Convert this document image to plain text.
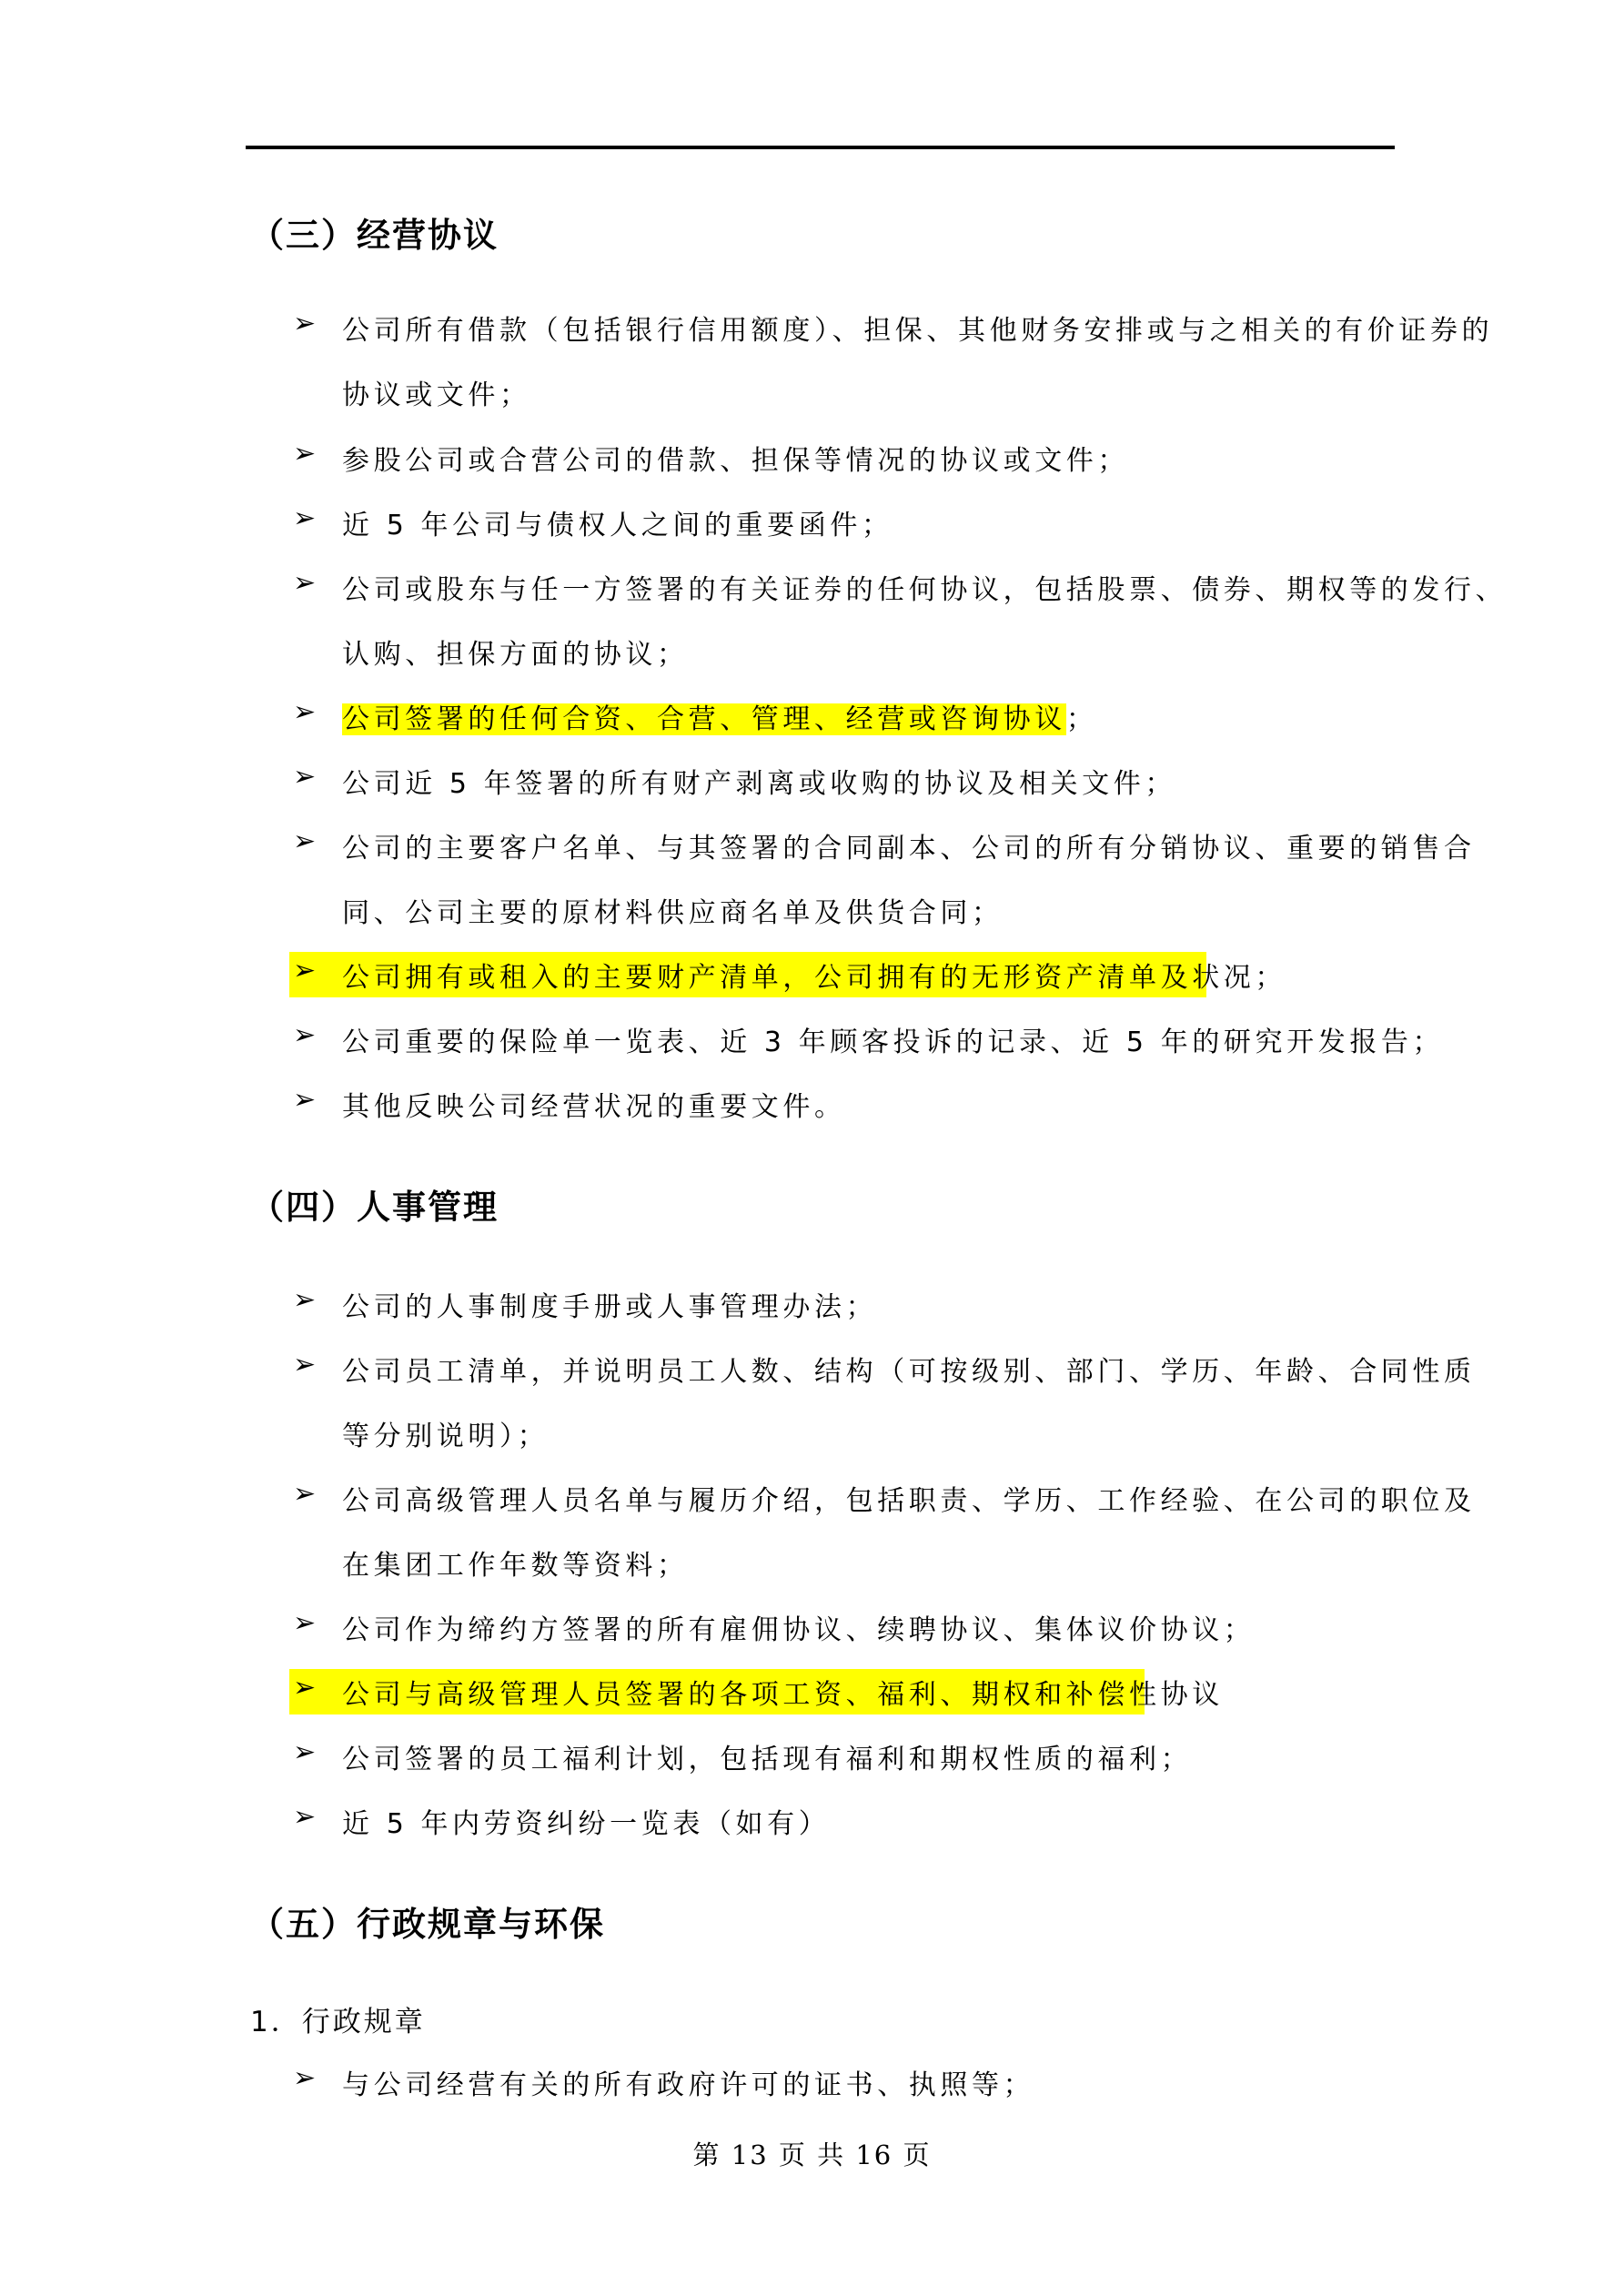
（三）经营协议
➢ 公司所有借款（包括银行信用额度）、担保、其他财务安排或与之相关的有价证券的
协议或文件；
➢ 参股公司或合营公司的借款、担保等情况的协议或文件；
➢ 近 5 年公司与债权人之间的重要函件；
➢ 公司或股东与任一方签署的有关证券的任何协议，包括股票、债券、期权等的发行、
认购、担保方面的协议；
➢ 公司签署的任何合资、合营、管理、经营或咨询协议；
➢ 公司近 5 年签署的所有财产剥离或收购的协议及相关文件；
➢ 公司的主要客户名单、与其签署的合同副本、公司的所有分销协议、重要的销售合
同、公司主要的原材料供应商名单及供货合同；
➢ 公司拥有或租入的主要财产清单，公司拥有的无形资产清单及状况；
➢ 公司重要的保险单一览表、近 3 年顾客投诉的记录、近 5 年的研究开发报告；
➢ 其他反映公司经营状况的重要文件。
（四）人事管理
➢ 公司的人事制度手册或人事管理办法；
➢ 公司员工清单，并说明员工人数、结构（可按级别、部门、学历、年龄、合同性质
等分别说明）；
➢ 公司高级管理人员名单与履历介绍，包括职责、学历、工作经验、在公司的职位及
在集团工作年数等资料；
➢ 公司作为缔约方签署的所有雇佣协议、续聘协议、集体议价协议；
➢ 公司与高级管理人员签署的各项工资、福利、期权和补偿性协议
➢ 公司签署的员工福利计划，包括现有福利和期权性质的福利；
➢ 近 5 年内劳资纠纷一览表（如有）
（五）行政规章与环保
1．行政规章
➢ 与公司经营有关的所有政府许可的证书、执照等；
第 13 页 共 16 页
